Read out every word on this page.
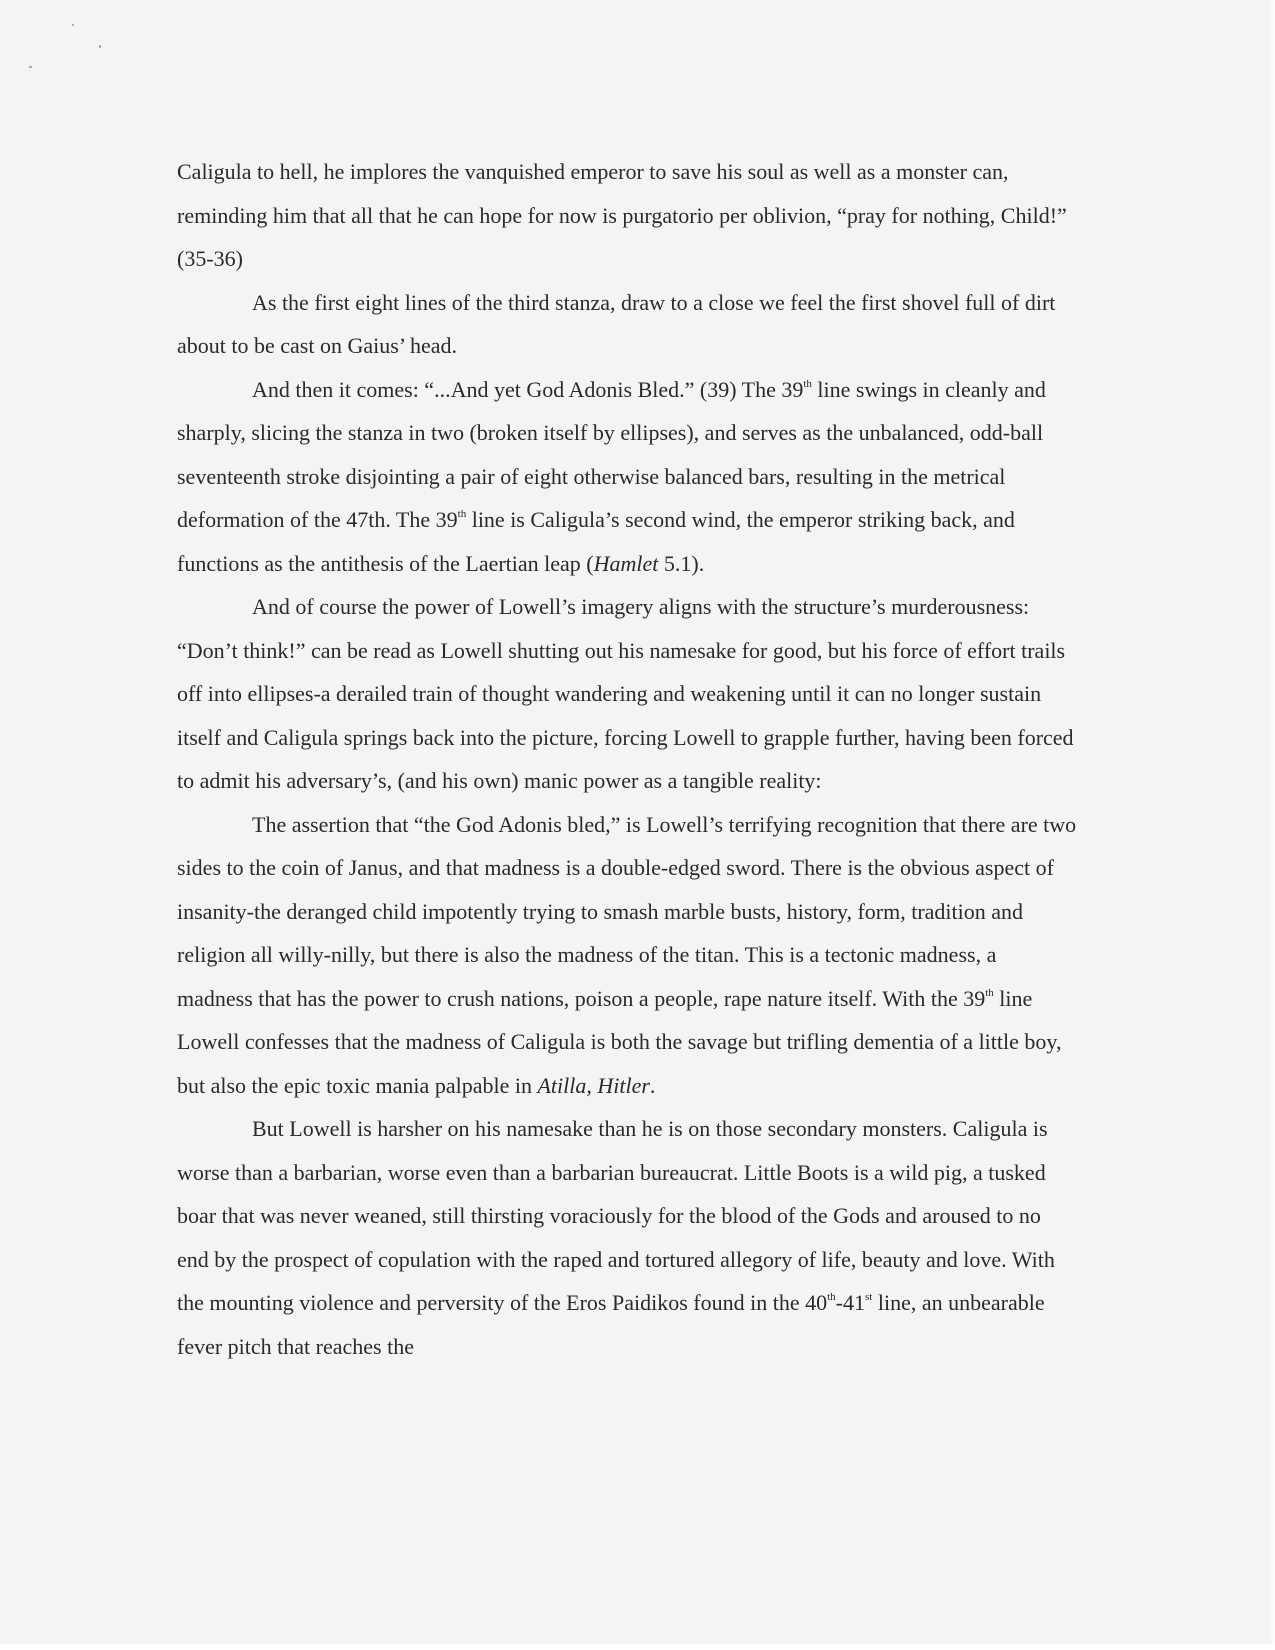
Caligula to hell, he implores the vanquished emperor to save his soul as well as a monster can, reminding him that all that he can hope for now is purgatorio per oblivion, “pray for nothing, Child!” (35-36)

As the first eight lines of the third stanza, draw to a close we feel the first shovel full of dirt about to be cast on Gaius’ head.

And then it comes: “...And yet God Adonis Bled.” (39) The 39th line swings in cleanly and sharply, slicing the stanza in two (broken itself by ellipses), and serves as the unbalanced, odd-ball seventeenth stroke disjointing a pair of eight otherwise balanced bars, resulting in the metrical deformation of the 47th. The 39th line is Caligula’s second wind, the emperor striking back, and functions as the antithesis of the Laertian leap (Hamlet 5.1).

And of course the power of Lowell’s imagery aligns with the structure’s murderousness: “Don’t think!” can be read as Lowell shutting out his namesake for good, but his force of effort trails off into ellipses-a derailed train of thought wandering and weakening until it can no longer sustain itself and Caligula springs back into the picture, forcing Lowell to grapple further, having been forced to admit his adversary’s, (and his own) manic power as a tangible reality:

The assertion that “the God Adonis bled,” is Lowell’s terrifying recognition that there are two sides to the coin of Janus, and that madness is a double-edged sword. There is the obvious aspect of insanity-the deranged child impotently trying to smash marble busts, history, form, tradition and religion all willy-nilly, but there is also the madness of the titan. This is a tectonic madness, a madness that has the power to crush nations, poison a people, rape nature itself. With the 39th line Lowell confesses that the madness of Caligula is both the savage but trifling dementia of a little boy, but also the epic toxic mania palpable in Atilla, Hitler.

But Lowell is harsher on his namesake than he is on those secondary monsters. Caligula is worse than a barbarian, worse even than a barbarian bureaucrat. Little Boots is a wild pig, a tusked boar that was never weaned, still thirsting voraciously for the blood of the Gods and aroused to no end by the prospect of copulation with the raped and tortured allegory of life, beauty and love. With the mounting violence and perversity of the Eros Paidikos found in the 40th-41st line, an unbearable fever pitch that reaches the
